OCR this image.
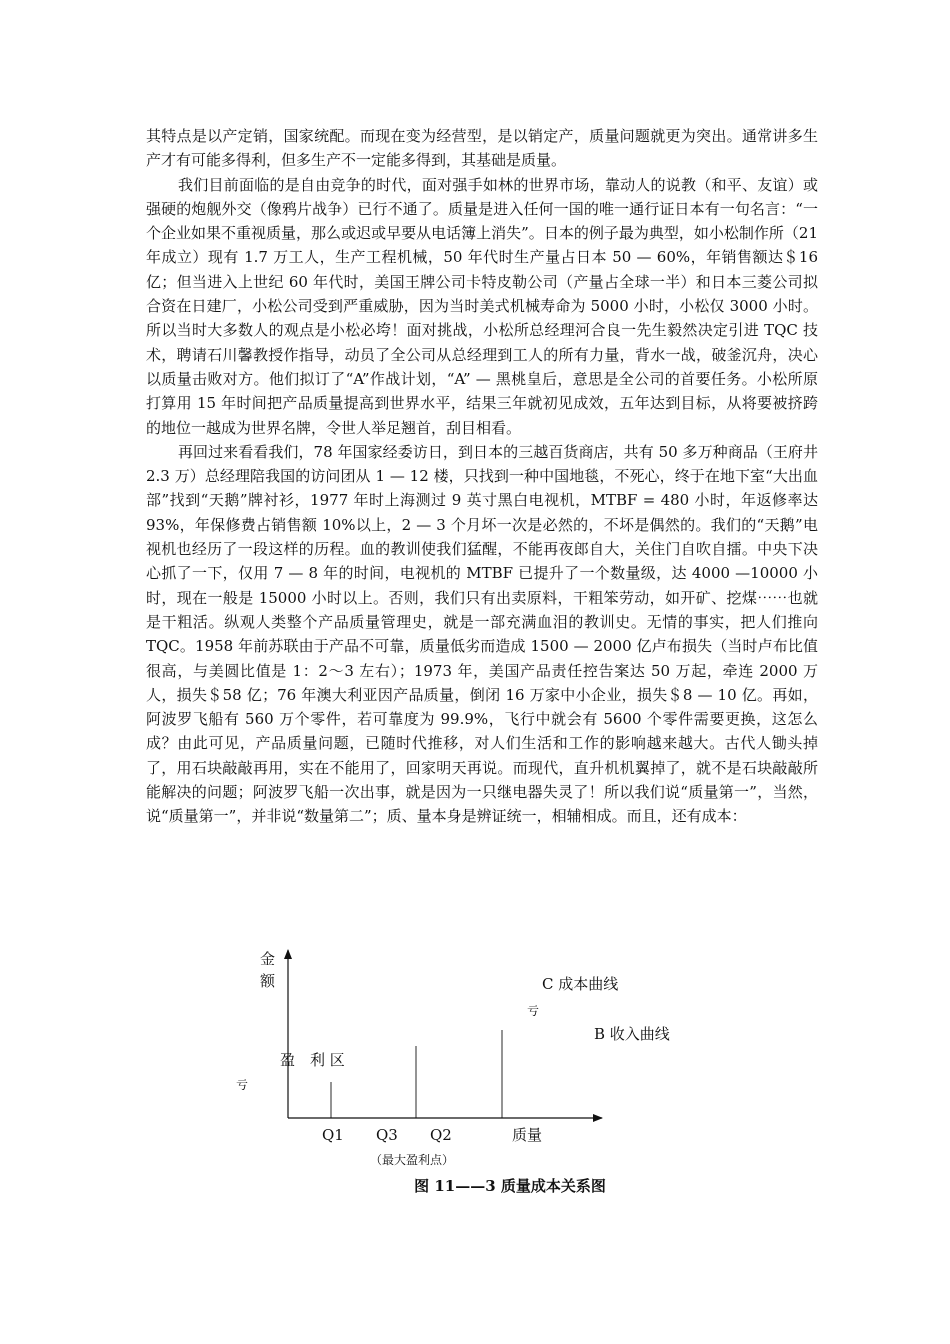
其特点是以产定销，国家统配。而现在变为经营型，是以销定产，质量问题就更为突出。通常讲多生产才有可能多得利，但多生产不一定能多得到，其基础是质量。

我们目前面临的是自由竞争的时代，面对强手如林的世界市场，靠动人的说教（和平、友谊）或强硬的炮舰外交（像鸦片战争）已行不通了。质量是进入任何一国的唯一通行证日本有一句名言：“一个企业如果不重视质量，那么或迟或早要从电话簿上消失”。日本的例子最为典型，如小松制作所（21 年成立）现有 1.7 万工人，生产工程机械，50 年代时生产量占日本 50 — 60%，年销售额达＄16 亿；但当进入上世纪 60 年代时，美国王牌公司卡特皮勒公司（产量占全球一半）和日本三菱公司拟合资在日建厂，小松公司受到严重威胁，因为当时美式机械寿命为 5000 小时，小松仅 3000 小时。所以当时大多数人的观点是小松必垮！面对挑战，小松所总经理河合良一先生毅然决定引进 TQC 技术，聘请石川馨教授作指导，动员了全公司从总经理到工人的所有力量，背水一战，破釜沉舟，决心以质量击败对方。他们拟订了“A”作战计划，“A” — 黑桃皇后，意思是全公司的首要任务。小松所原打算用 15 年时间把产品质量提高到世界水平，结果三年就初见成效，五年达到目标，从将要被挤跨的地位一越成为世界名牌，令世人举足翘首，刮目相看。

再回过来看看我们，78 年国家经委访日，到日本的三越百货商店，共有 50 多万种商品（王府井 2.3 万）总经理陪我国的访问团从 1 — 12 楼，只找到一种中国地毯，不死心，终于在地下室“大出血部”找到“天鹅”牌衬衫，1977 年时上海测过 9 英寸黑白电视机，MTBF = 480 小时，年返修率达 93%，年保修费占销售额 10%以上，2 — 3 个月坏一次是必然的，不坏是偶然的。我们的“天鹅”电视机也经历了一段这样的历程。血的教训使我们猛醒，不能再夜郎自大，关住门自吹自擂。中央下决心抓了一下，仅用 7 — 8 年的时间，电视机的 MTBF 已提升了一个数量级，达 4000 —10000 小时，现在一般是 15000 小时以上。否则，我们只有出卖原料，干粗笨劳动，如开矿、挖煤⋯⋯也就是干粗活。纵观人类整个产品质量管理史，就是一部充满血泪的教训史。无情的事实，把人们推向 TQC。1958 年前苏联由于产品不可靠，质量低劣而造成 1500 — 2000 亿卢布损失（当时卢布比值很高，与美圆比值是 1：2～3 左右）；1973 年，美国产品责任控告案达 50 万起，牵连 2000 万人，损失＄58 亿；76 年澳大利亚因产品质量，倒闭 16 万家中小企业，损失＄8 — 10 亿。再如，阿波罗飞船有 560 万个零件，若可靠度为 99.9%，飞行中就会有 5600 个零件需要更换，这怎么成？由此可见，产品质量问题，已随时代推移，对人们生活和工作的影响越来越大。古代人锄头掉了，用石块敲敲再用，实在不能用了，回家明天再说。而现代，直升机机翼掉了，就不是石块敲敲所能解决的问题；阿波罗飞船一次出事，就是因为一只继电器失灵了！所以我们说“质量第一”，当然，说“质量第一”，并非说“数量第二”；质、量本身是辨证统一，相辅相成。而且，还有成本：

金额	C 成本曲线
亏
B 收入曲线
盈　利 区
亏
Q1 Q3 Q2	质量
（最大盈利点）
图 11——3 质量成本关系图
